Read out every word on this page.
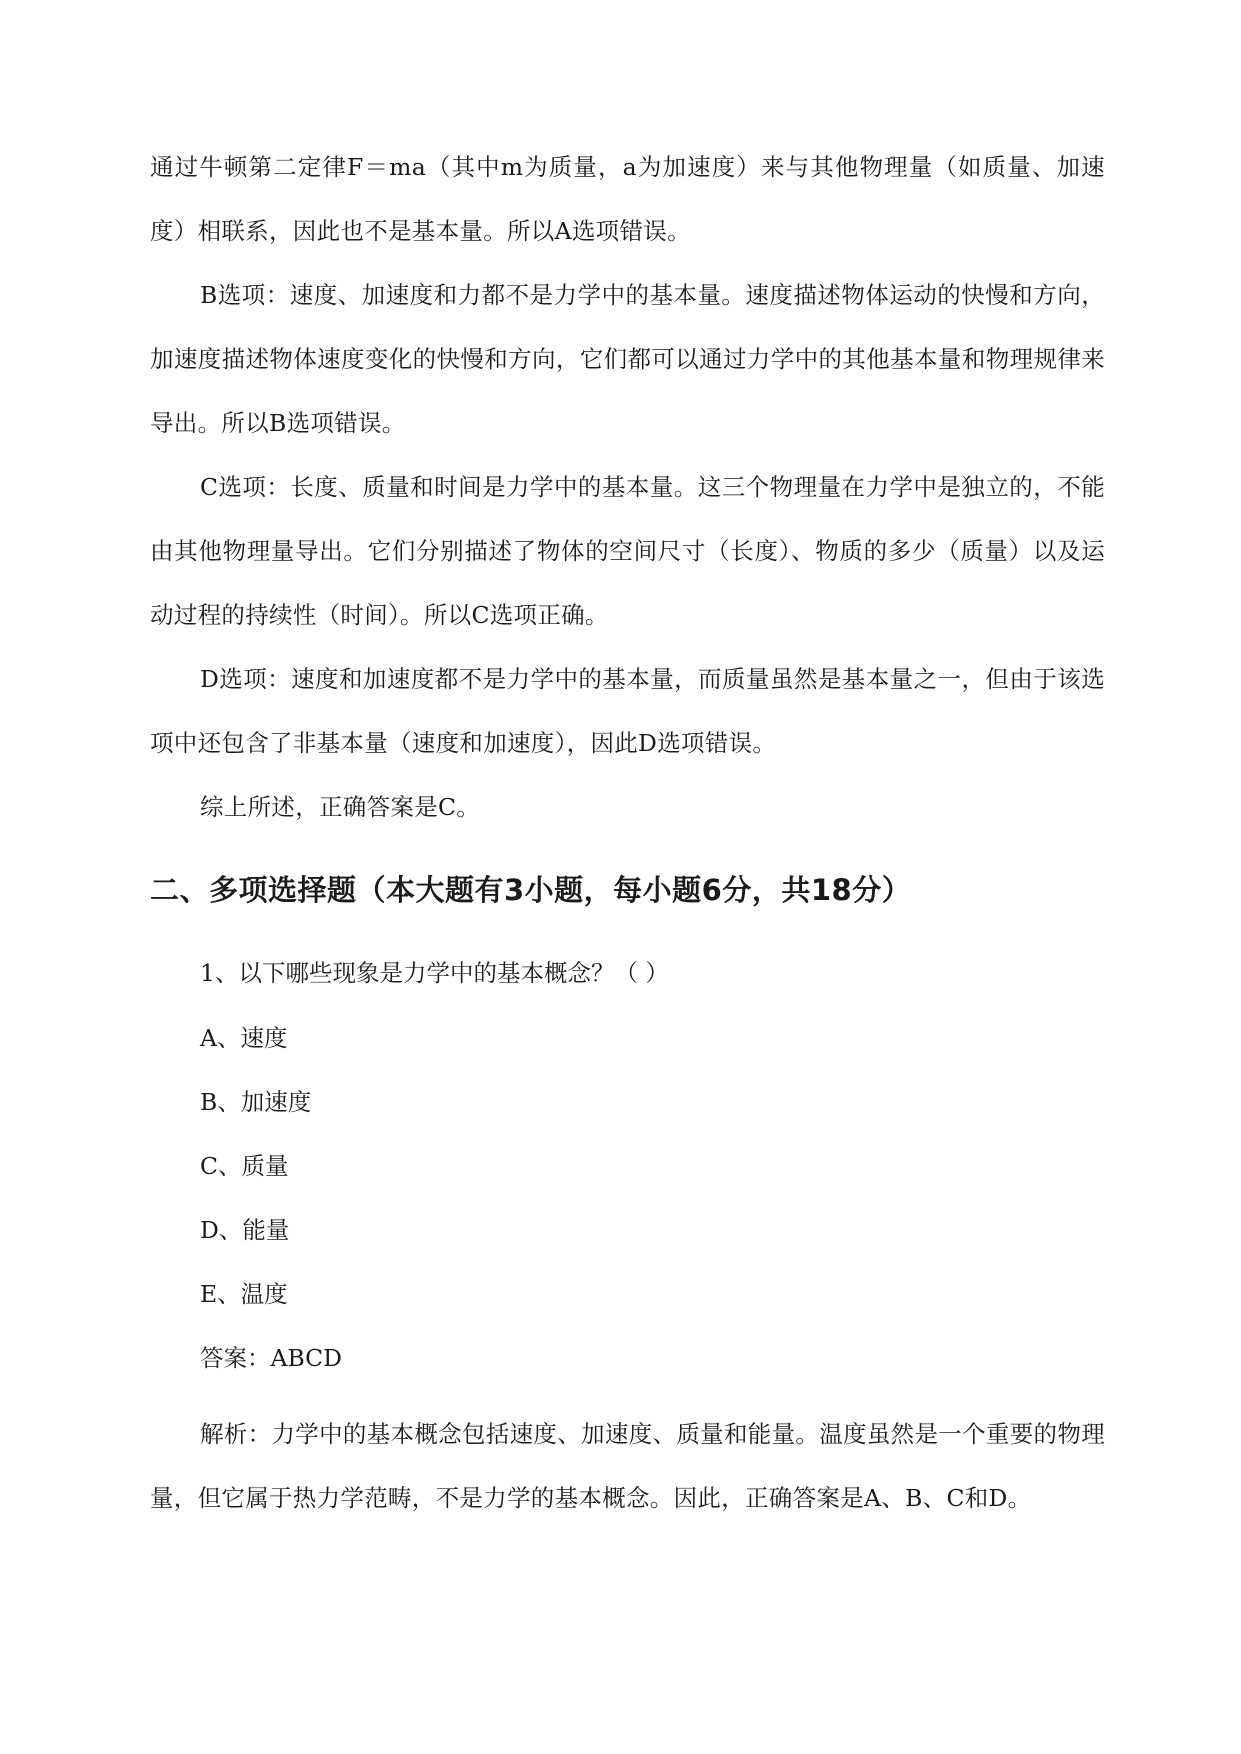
通过牛顿第二定律F＝ma（其中m为质量，a为加速度）来与其他物理量（如质量、加速度）相联系，因此也不是基本量。所以A选项错误。

B选项：速度、加速度和力都不是力学中的基本量。速度描述物体运动的快慢和方向，加速度描述物体速度变化的快慢和方向，它们都可以通过力学中的其他基本量和物理规律来导出。所以B选项错误。

C选项：长度、质量和时间是力学中的基本量。这三个物理量在力学中是独立的，不能由其他物理量导出。它们分别描述了物体的空间尺寸（长度）、物质的多少（质量）以及运动过程的持续性（时间）。所以C选项正确。

D选项：速度和加速度都不是力学中的基本量，而质量虽然是基本量之一，但由于该选项中还包含了非基本量（速度和加速度），因此D选项错误。

综上所述，正确答案是C。

二、多项选择题（本大题有3小题，每小题6分，共18分）

1、以下哪些现象是力学中的基本概念？（ ）

A、速度

B、加速度

C、质量

D、能量

E、温度

答案：ABCD

解析：力学中的基本概念包括速度、加速度、质量和能量。温度虽然是一个重要的物理量，但它属于热力学范畴，不是力学的基本概念。因此，正确答案是A、B、C和D。
